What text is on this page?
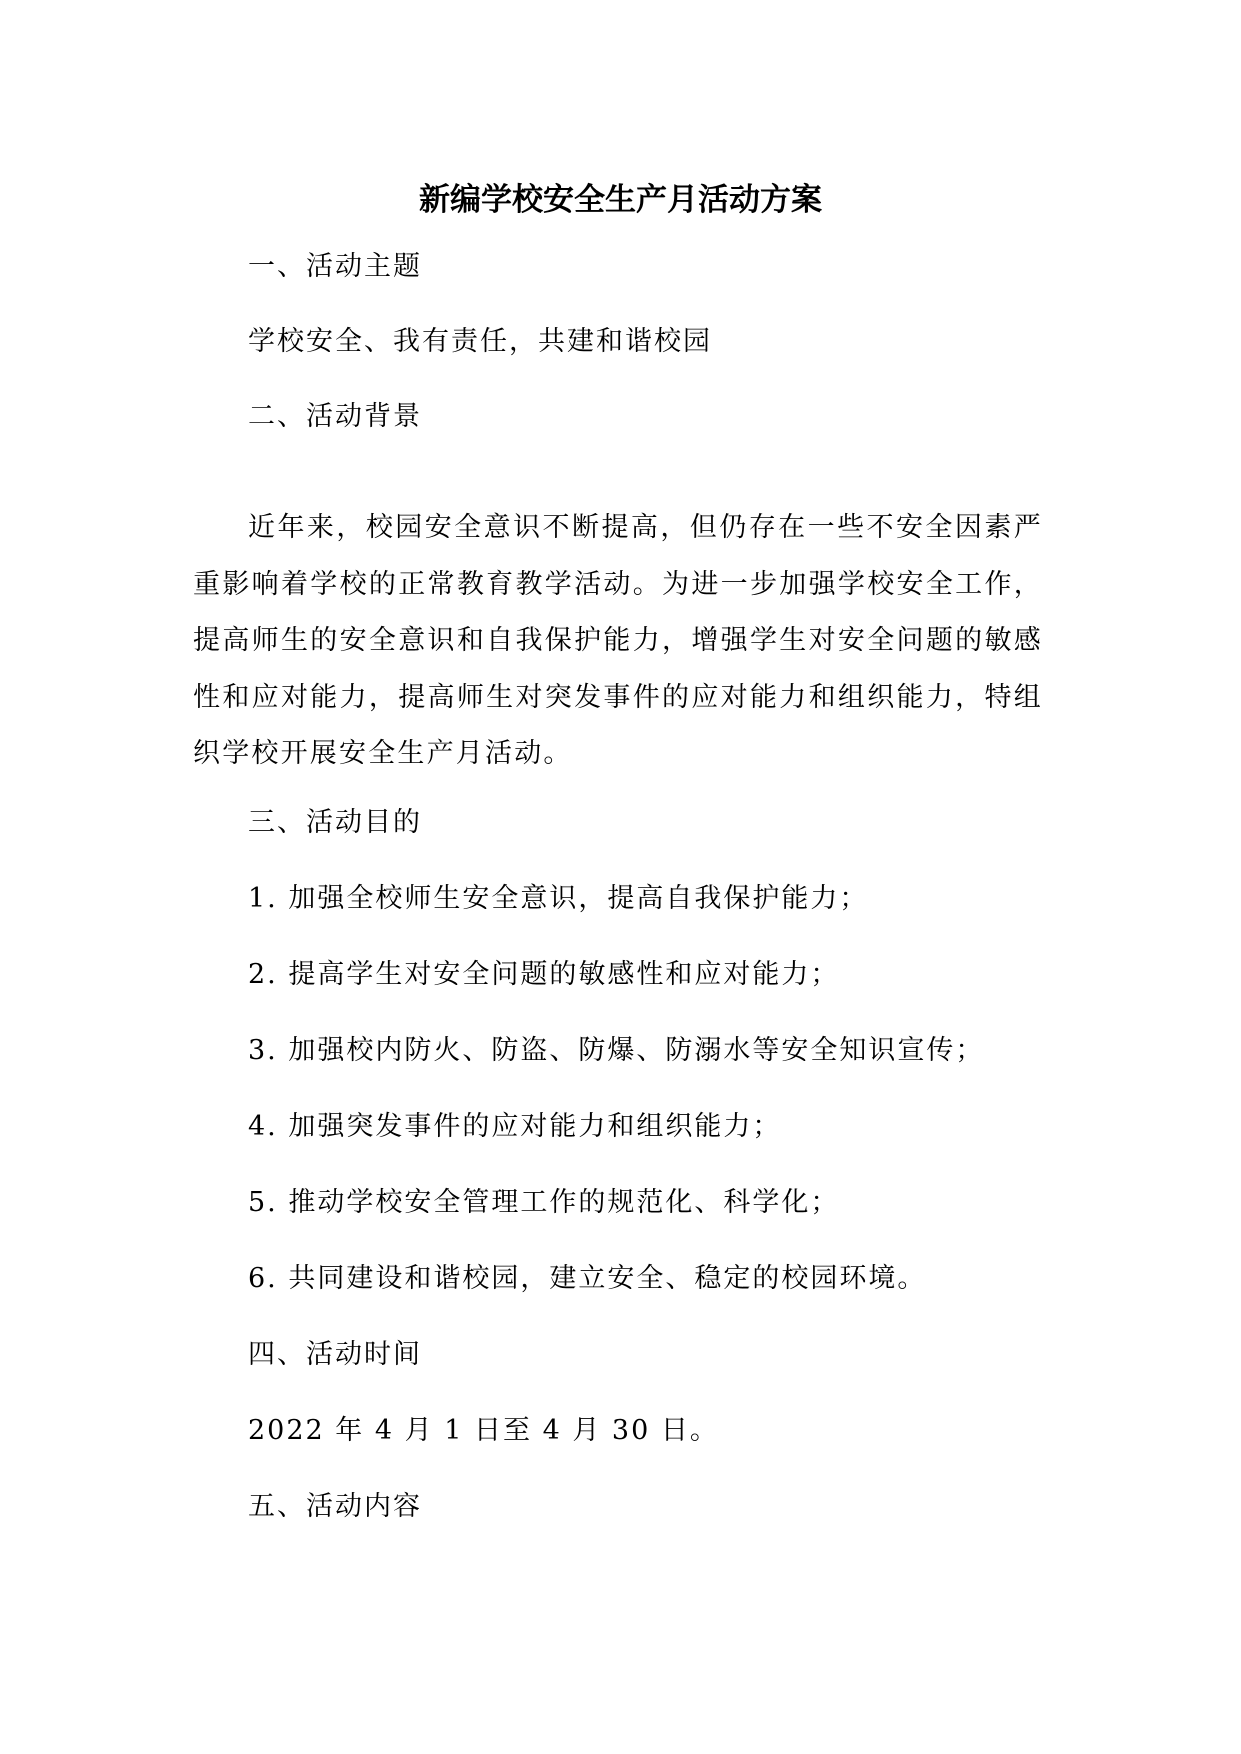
新编学校安全生产月活动方案
一、活动主题
学校安全、我有责任，共建和谐校园
二、活动背景
近年来，校园安全意识不断提高，但仍存在一些不安全因素严重影响着学校的正常教育教学活动。为进一步加强学校安全工作，提高师生的安全意识和自我保护能力，增强学生对安全问题的敏感性和应对能力，提高师生对突发事件的应对能力和组织能力，特组织学校开展安全生产月活动。
三、活动目的
1. 加强全校师生安全意识，提高自我保护能力；
2. 提高学生对安全问题的敏感性和应对能力；
3. 加强校内防火、防盗、防爆、防溺水等安全知识宣传；
4. 加强突发事件的应对能力和组织能力；
5. 推动学校安全管理工作的规范化、科学化；
6. 共同建设和谐校园，建立安全、稳定的校园环境。
四、活动时间
2022 年 4 月 1 日至 4 月 30 日。
五、活动内容
